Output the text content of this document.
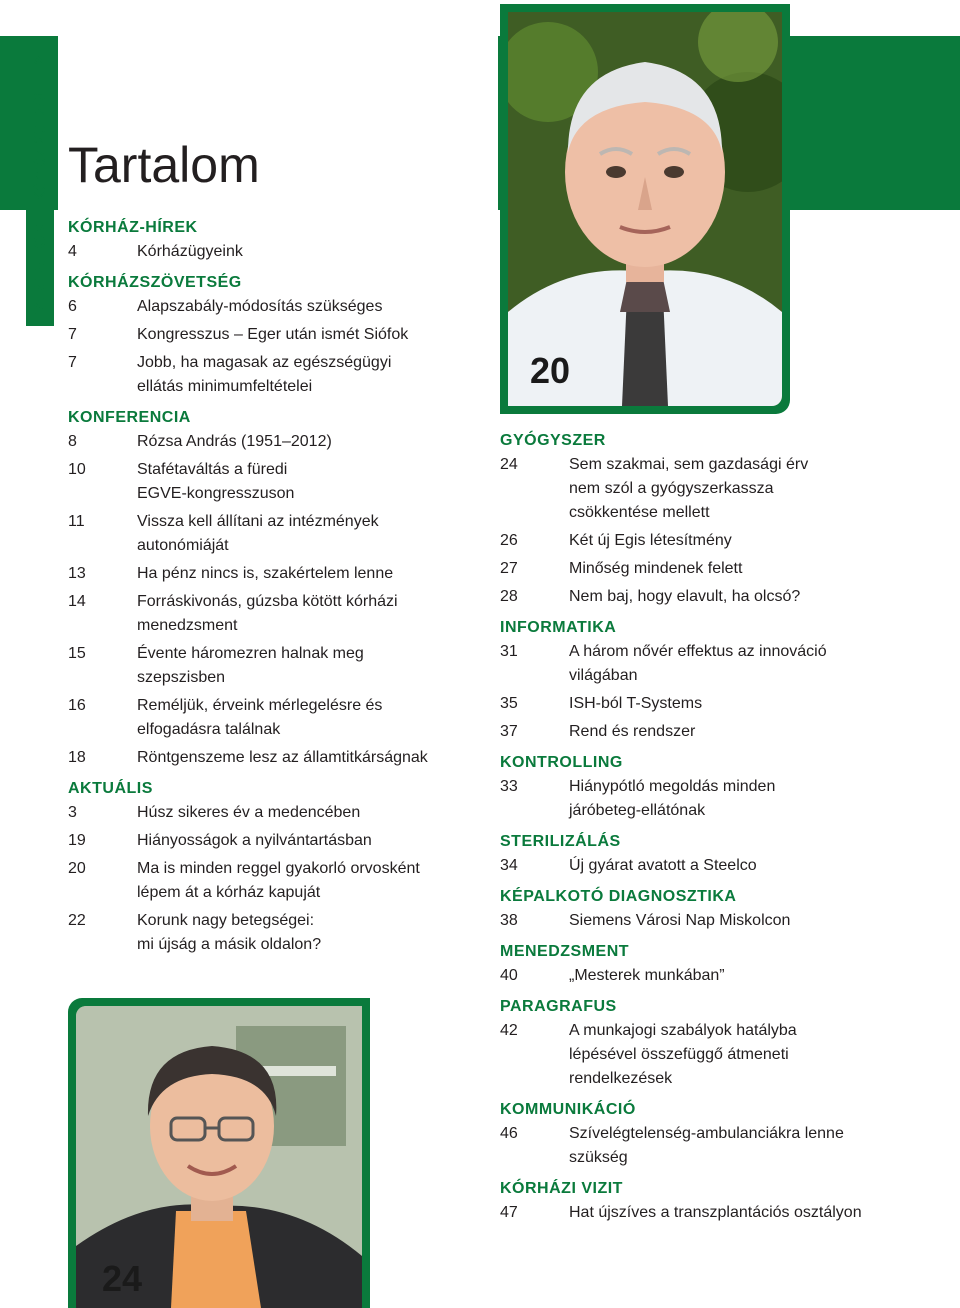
TARTALOM Kórház 2012/9.  2
Tartalom
KÓRHÁZ-HÍREK
4	Kórházügyeink
KÓRHÁZSZÖVETSÉG
6	Alapszabály-módosítás szükséges
7	Kongresszus – Eger után ismét Siófok
7	Jobb, ha magasak az egészségügyi
ellátás minimumfeltételei
KONFERENCIA
8	Rózsa András (1951–2012)
10	Stafétaváltás a füredi
EGVE-kongresszuson
11	Vissza kell állítani az intézmények
autonómiáját
13	Ha pénz nincs is, szakértelem lenne
14	Forráskivonás, gúzsba kötött kórházi
menedzsment
15	Évente háromezren halnak meg
szepszisben
16	Reméljük, érveink mérlegelésre és
elfogadásra találnak
18	Röntgenszeme lesz az államtitkárságnak
AKTUÁLIS
3	Húsz sikeres év a medencében
19	Hiányosságok a nyilvántartásban
20	Ma is minden reggel gyakorló orvosként
lépem át a kórház kapuját
22	Korunk nagy betegségei:
mi újság a másik oldalon?
GYÓGYSZER
24	Sem szakmai, sem gazdasági érv
nem szól a gyógyszerkassza
csökkentése mellett
26	Két új Egis létesítmény
27	Minőség mindenek felett
28	Nem baj, hogy elavult, ha olcsó?
INFORMATIKA
31	A három nővér effektus az innováció
világában
35	ISH-ból T-Systems
37	Rend és rendszer
KONTROLLING
33	Hiánypótló megoldás minden
járóbeteg-ellátónak
STERILIZÁLÁS
34	Új gyárat avatott a Steelco
KÉPALKOTÓ DIAGNOSZTIKA
38	Siemens Városi Nap Miskolcon
MENEDZSMENT
40	„Mesterek munkában”
PARAGRAFUS
42	A munkajogi szabályok hatályba
lépésével összefüggő átmeneti
rendelkezések
KOMMUNIKÁCIÓ
46	Szívelégtelenség-ambulanciákra lenne
szükség
KÓRHÁZI VIZIT
47	Hat újszíves a transzplantációs osztályon
20
24
